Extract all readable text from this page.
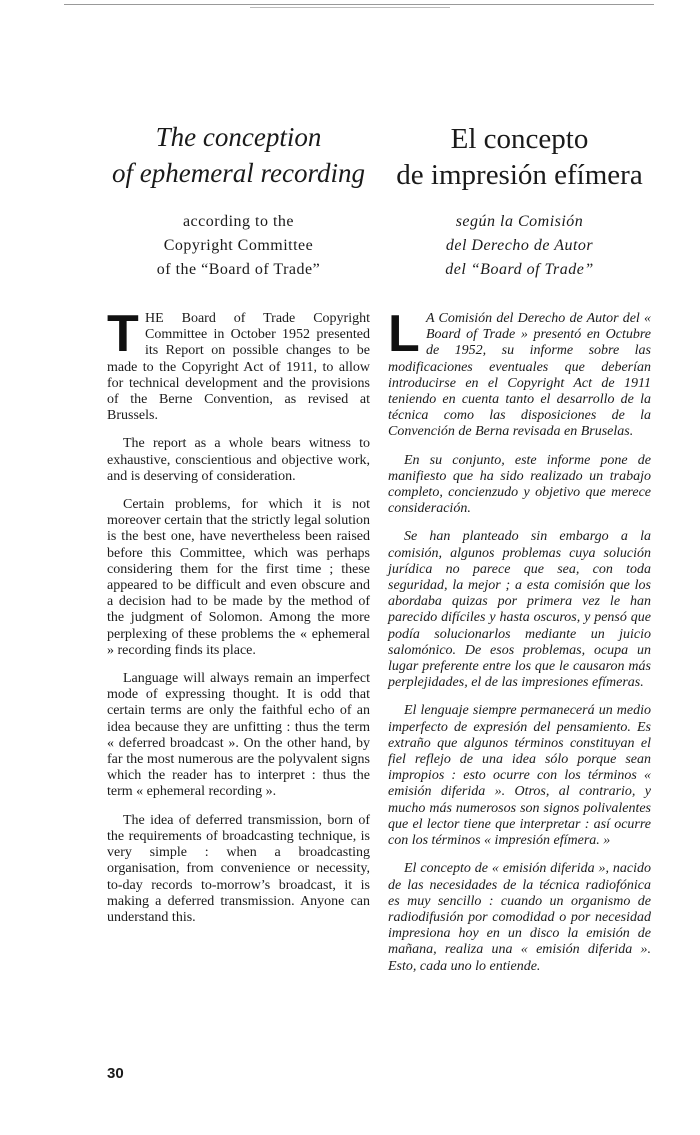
The conception
of ephemeral recording
according to the
Copyright Committee
of the “Board of Trade”

THE Board of Trade Copyright Committee in October 1952 presented its Report on possible changes to be made to the Copyright Act of 1911, to allow for technical development and the provisions of the Berne Convention, as revised at Brussels.

The report as a whole bears witness to exhaustive, conscientious and objective work, and is deserving of consideration.

Certain problems, for which it is not moreover certain that the strictly legal solution is the best one, have nevertheless been raised before this Committee, which was perhaps considering them for the first time ; these appeared to be difficult and even obscure and a decision had to be made by the method of the judgment of Solomon. Among the more perplexing of these problems the « ephemeral » recording finds its place.

Language will always remain an imperfect mode of expressing thought. It is odd that certain terms are only the faithful echo of an idea because they are unfitting : thus the term « deferred broadcast ». On the other hand, by far the most numerous are the polyvalent signs which the reader has to interpret : thus the term « ephemeral recording ».

The idea of deferred transmission, born of the requirements of broadcasting technique, is very simple : when a broadcasting organisation, from convenience or necessity, to-day records to-morrow’s broadcast, it is making a deferred transmission. Anyone can understand this.

El concepto
de impresión efímera
según la Comisión
del Derecho de Autor
del “Board of Trade”

L A Comisión del Derecho de Autor del « Board of Trade » presentó en Octubre de 1952, su informe sobre las modificaciones eventuales que deberían introducirse en el Copyright Act de 1911 teniendo en cuenta tanto el desarrollo de la técnica como las disposiciones de la Convención de Berna revisada en Bruselas.

En su conjunto, este informe pone de manifiesto que ha sido realizado un trabajo completo, concienzudo y objetivo que merece consideración.

Se han planteado sin embargo a la comisión, algunos problemas cuya solución jurídica no parece que sea, con toda seguridad, la mejor ; a esta comisión que los abordaba quizas por primera vez le han parecido difíciles y hasta oscuros, y pensó que podía solucionarlos mediante un juicio salomónico. De esos problemas, ocupa un lugar preferente entre los que le causaron más perplejidades, el de las impresiones efímeras.

El lenguaje siempre permanecerá un medio imperfecto de expresión del pensamiento. Es extraño que algunos términos constituyan el fiel reflejo de una idea sólo porque sean impropios : esto ocurre con los términos « emisión diferida ». Otros, al contrario, y mucho más numerosos son signos polivalentes que el lector tiene que interpretar : así ocurre con los términos « impresión efímera. »

El concepto de « emisión diferida », nacido de las necesidades de la técnica radiofónica es muy sencillo : cuando un organismo de radiodifusión por comodidad o por necesidad impresiona hoy en un disco la emisión de mañana, realiza una « emisión diferida ». Esto, cada uno lo entiende.

30
